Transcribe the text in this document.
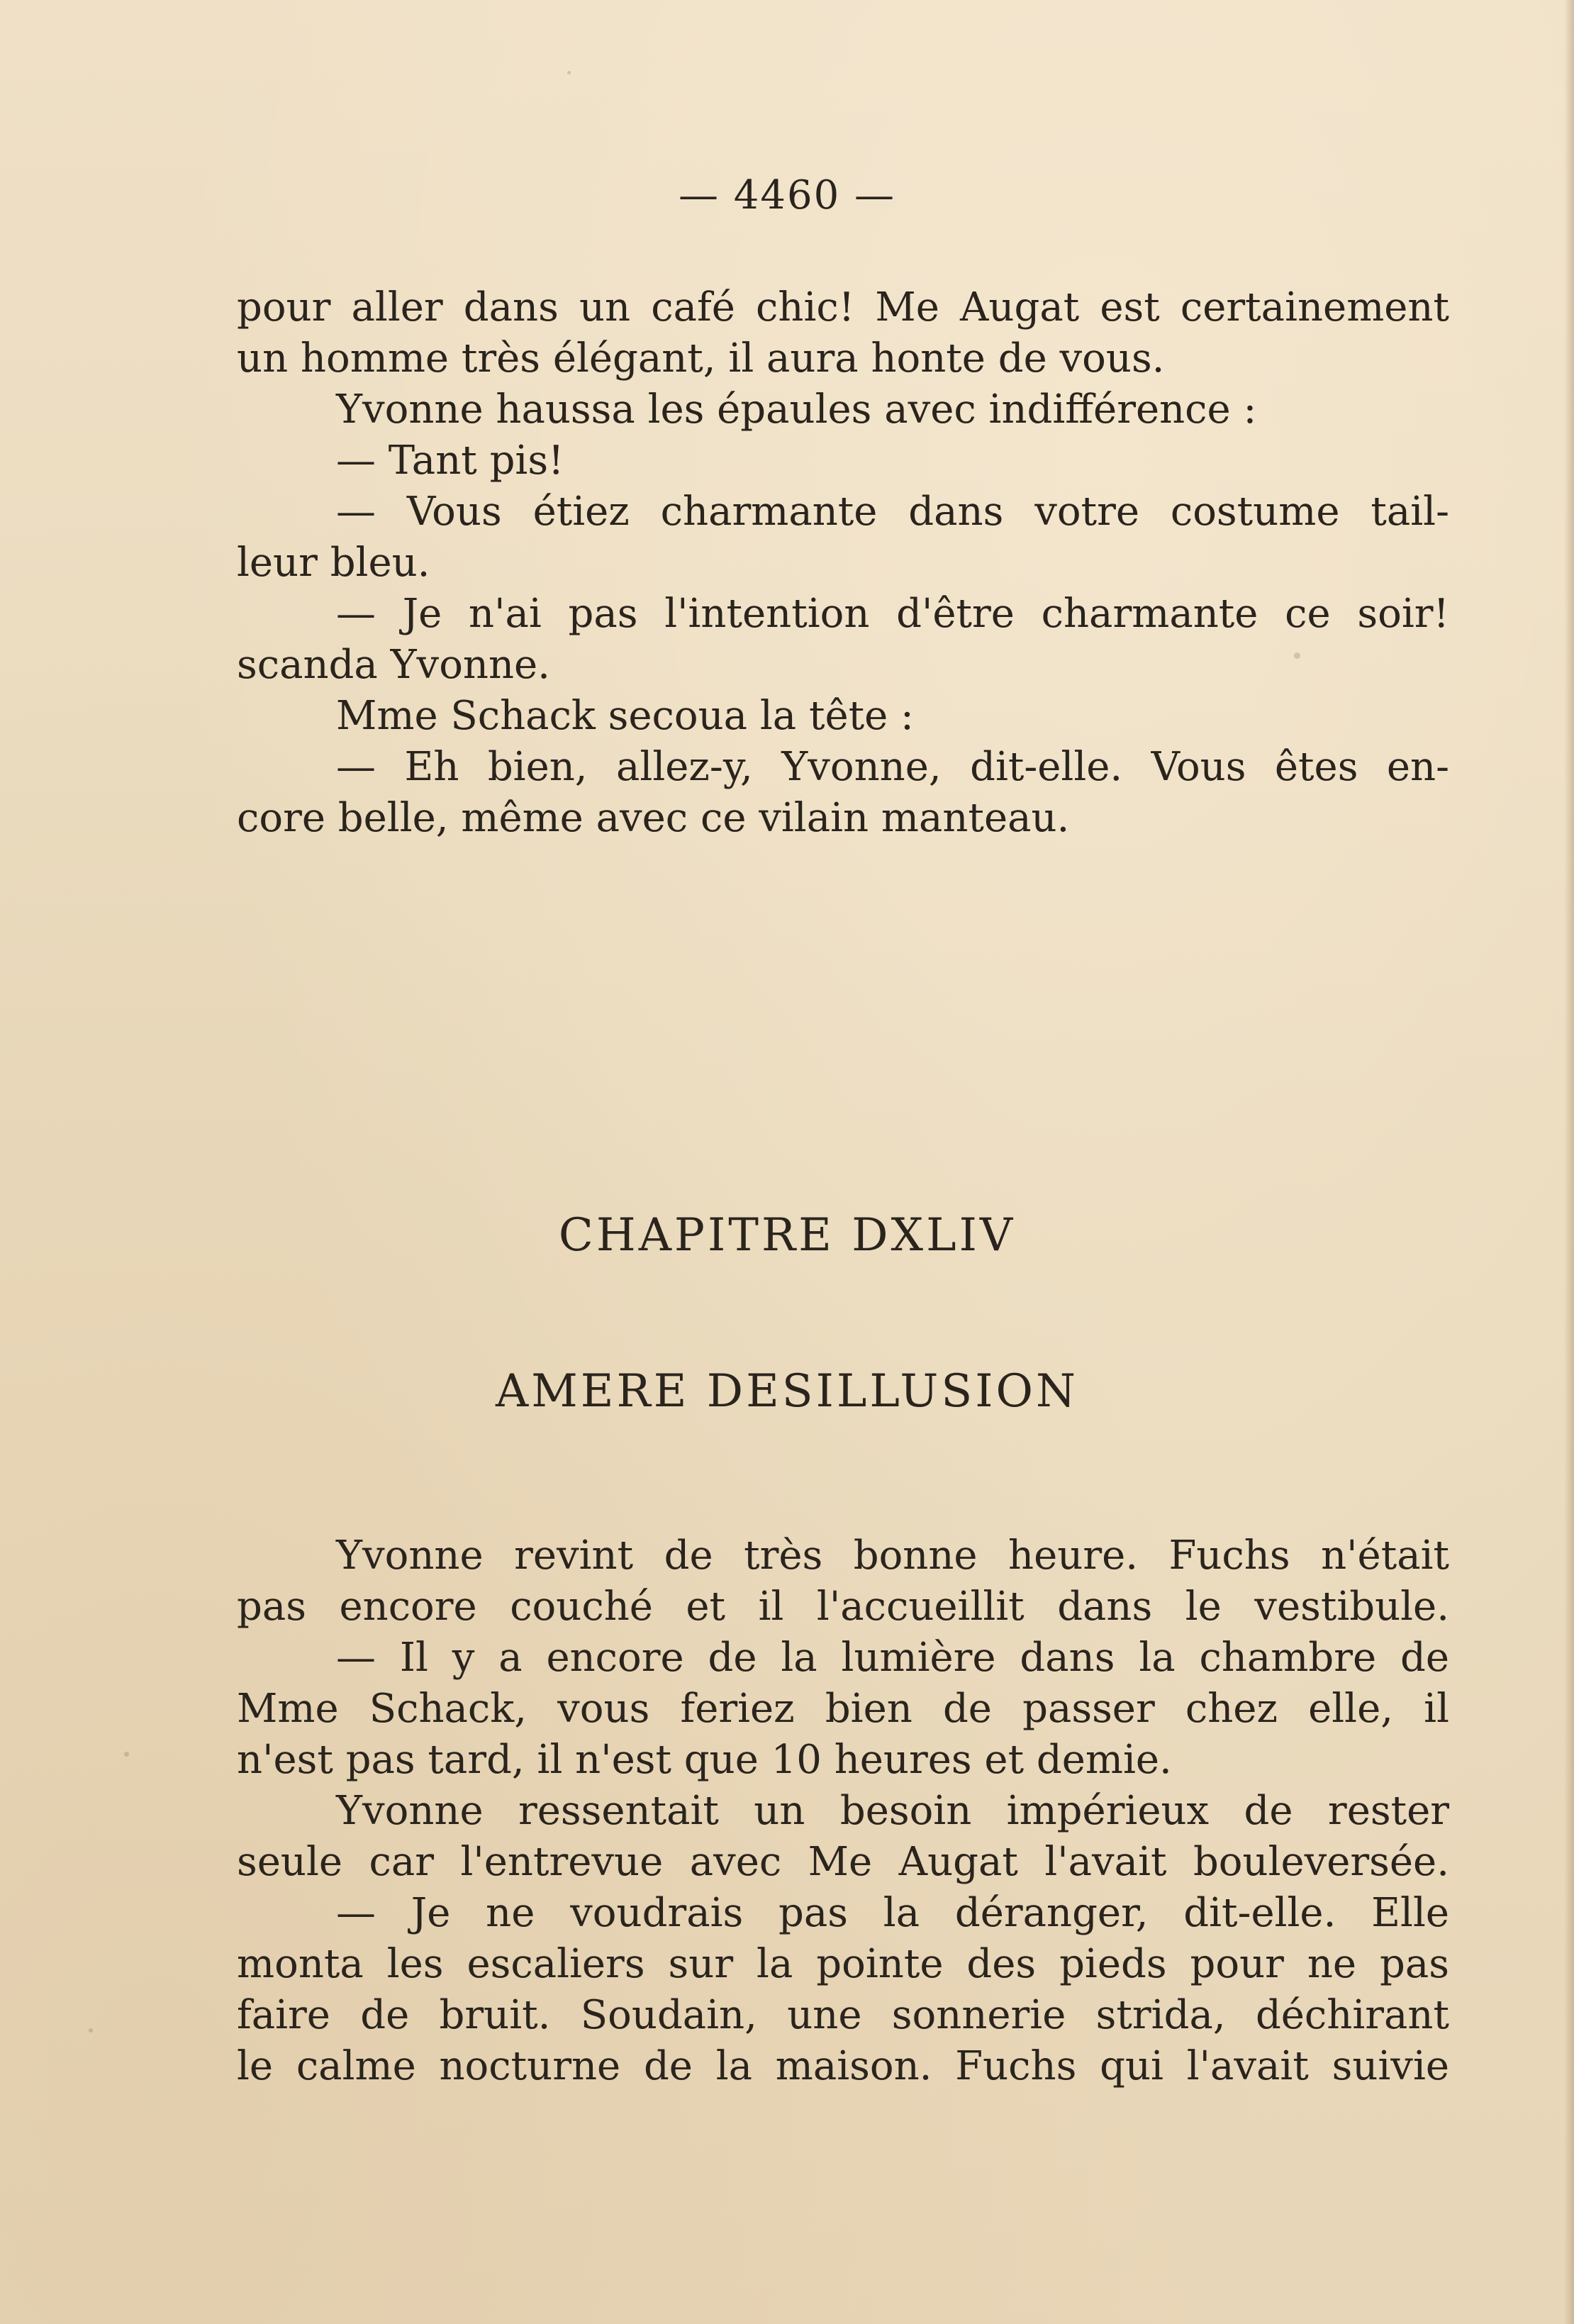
— 4460 —
pour aller dans un café chic! Me Augat est certainement
un homme très élégant, il aura honte de vous.
Yvonne haussa les épaules avec indifférence :
— Tant pis!
— Vous étiez charmante dans votre costume tail-
leur bleu.
— Je n'ai pas l'intention d'être charmante ce soir!
scanda Yvonne.
Mme Schack secoua la tête :
— Eh bien, allez-y, Yvonne, dit-elle. Vous êtes en-
core belle, même avec ce vilain manteau.
CHAPITRE DXLIV
AMERE DESILLUSION
Yvonne revint de très bonne heure. Fuchs n'était
pas encore couché et il l'accueillit dans le vestibule.
— Il y a encore de la lumière dans la chambre de
Mme Schack, vous feriez bien de passer chez elle, il
n'est pas tard, il n'est que 10 heures et demie.
Yvonne ressentait un besoin impérieux de rester
seule car l'entrevue avec Me Augat l'avait bouleversée.
— Je ne voudrais pas la déranger, dit-elle. Elle
monta les escaliers sur la pointe des pieds pour ne pas
faire de bruit. Soudain, une sonnerie strida, déchirant
le calme nocturne de la maison. Fuchs qui l'avait suivie
